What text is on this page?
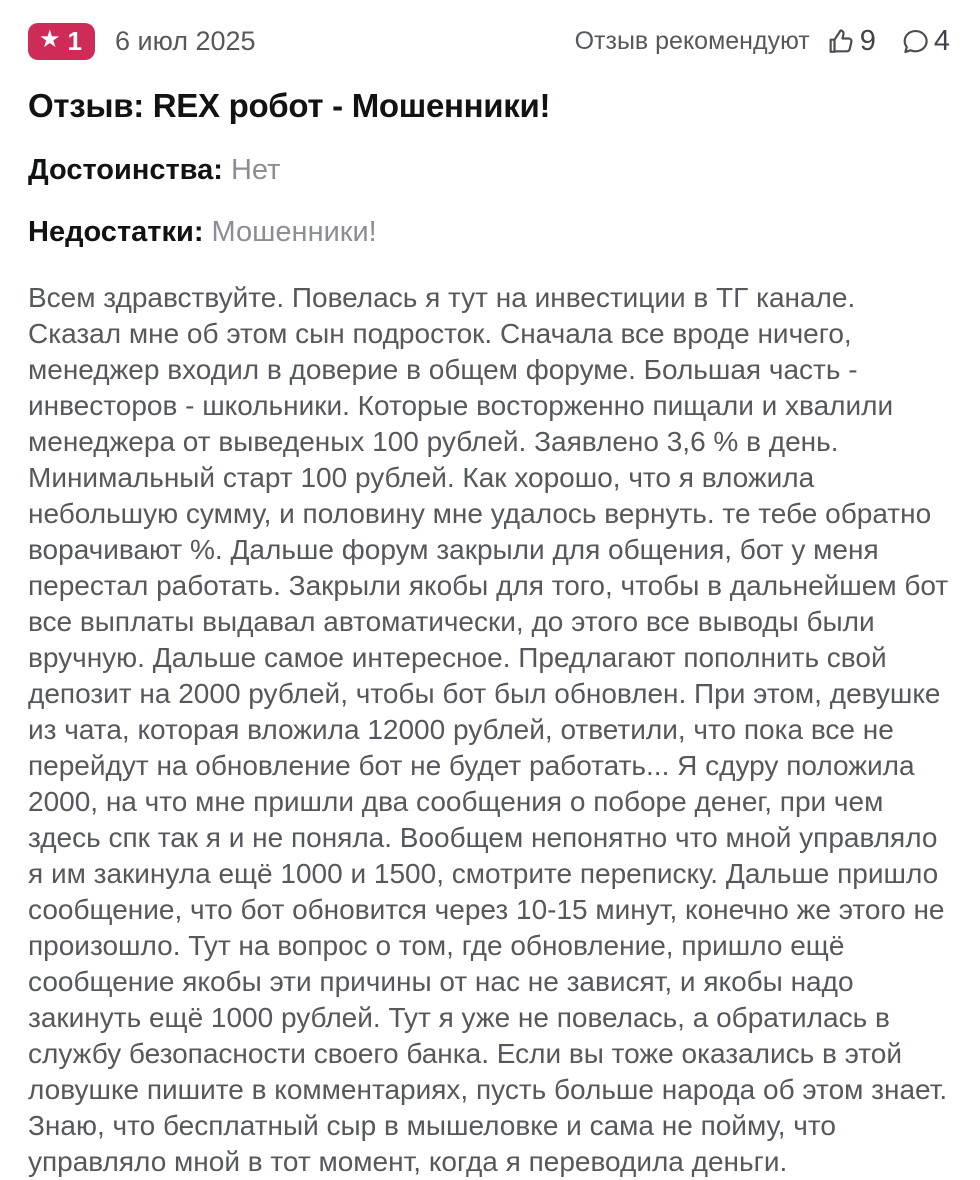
★ 1 6 июл 2025	Отзыв рекомендуют 9 4
Отзыв: REX робот - Мошенники!
Достоинства: Нет
Недостатки: Мошенники!

Всем здравствуйте. Повелась я тут на инвестиции в ТГ канале. Сказал мне об этом сын подросток. Сначала все вроде ничего, менеджер входил в доверие в общем форуме. Большая часть - инвесторов - школьники. Которые восторженно пищали и хвалили менеджера от выведеных 100 рублей. Заявлено 3,6 % в день. Минимальный старт 100 рублей. Как хорошо, что я вложила небольшую сумму, и половину мне удалось вернуть. те тебе обратно ворачивают %. Дальше форум закрыли для общения, бот у меня перестал работать. Закрыли якобы для того, чтобы в дальнейшем бот все выплаты выдавал автоматически, до этого все выводы были вручную. Дальше самое интересное. Предлагают пополнить свой депозит на 2000 рублей, чтобы бот был обновлен. При этом, девушке из чата, которая вложила 12000 рублей, ответили, что пока все не перейдут на обновление бот не будет работать... Я сдуру положила 2000, на что мне пришли два сообщения о поборе денег, при чем здесь спк так я и не поняла. Вообщем непонятно что мной управляло я им закинула ещё 1000 и 1500, смотрите переписку. Дальше пришло сообщение, что бот обновится через 10-15 минут, конечно же этого не произошло. Тут на вопрос о том, где обновление, пришло ещё сообщение якобы эти причины от нас не зависят, и якобы надо закинуть ещё 1000 рублей. Тут я уже не повелась, а обратилась в службу безопасности своего банка. Если вы тоже оказались в этой ловушке пишите в комментариях, пусть больше народа об этом знает. Знаю, что бесплатный сыр в мышеловке и сама не пойму, что управляло мной в тот момент, когда я переводила деньги.
